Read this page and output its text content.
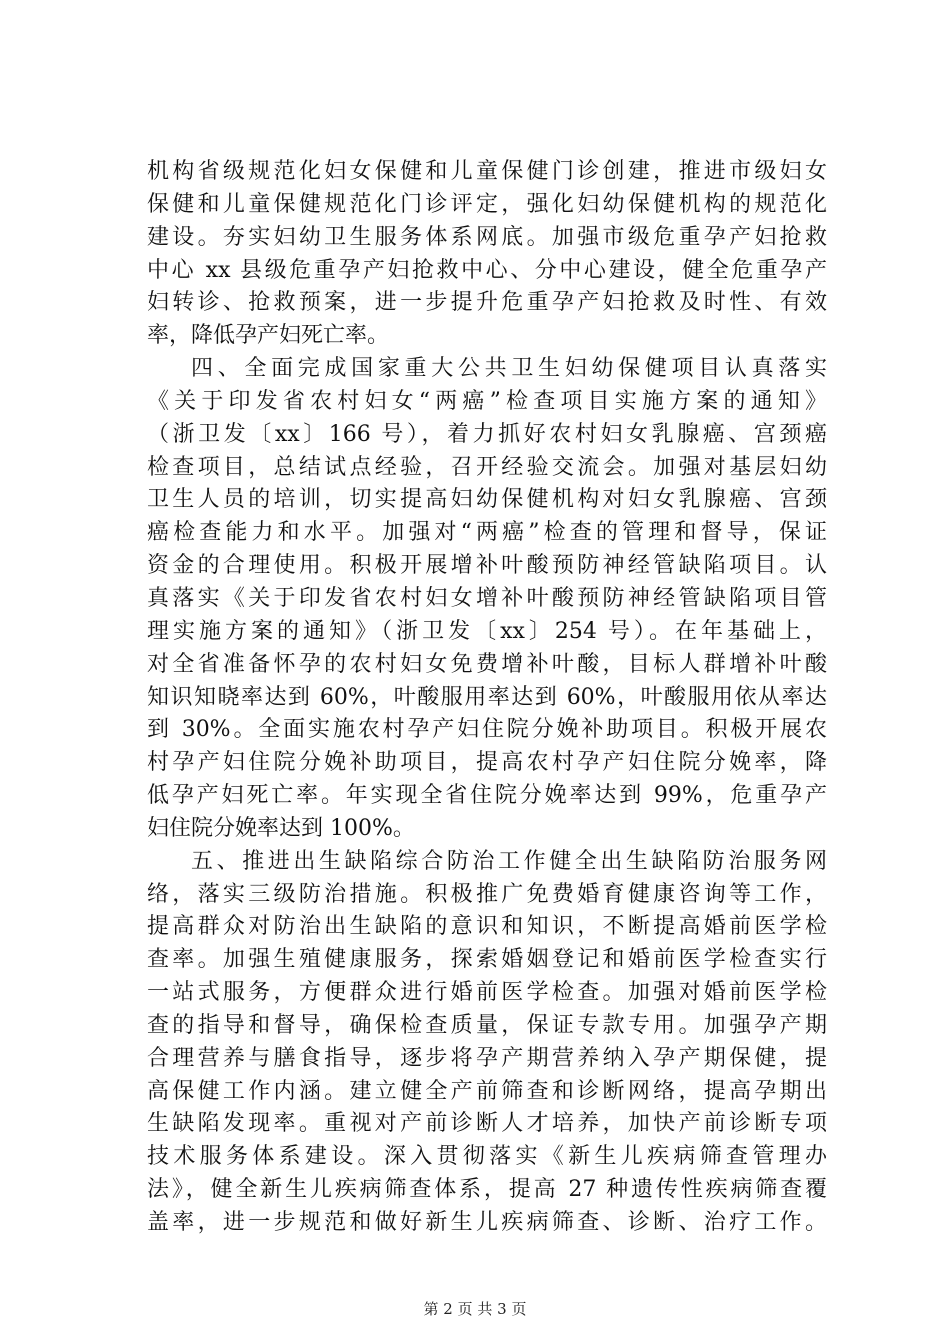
机构省级规范化妇女保健和儿童保健门诊创建，推进市级妇女
保健和儿童保健规范化门诊评定，强化妇幼保健机构的规范化
建设。夯实妇幼卫生服务体系网底。加强市级危重孕产妇抢救
中心 xx 县级危重孕产妇抢救中心、分中心建设，健全危重孕产
妇转诊、抢救预案，进一步提升危重孕产妇抢救及时性、有效
率，降低孕产妇死亡率。
四、全面完成国家重大公共卫生妇幼保健项目认真落实
《关于印发省农村妇女“两癌”检查项目实施方案的通知》
（浙卫发〔xx〕166 号），着力抓好农村妇女乳腺癌、宫颈癌
检查项目，总结试点经验，召开经验交流会。加强对基层妇幼
卫生人员的培训，切实提高妇幼保健机构对妇女乳腺癌、宫颈
癌检查能力和水平。加强对“两癌”检查的管理和督导，保证
资金的合理使用。积极开展增补叶酸预防神经管缺陷项目。认
真落实《关于印发省农村妇女增补叶酸预防神经管缺陷项目管
理实施方案的通知》（浙卫发〔xx〕254 号）。在年基础上，
对全省准备怀孕的农村妇女免费增补叶酸，目标人群增补叶酸
知识知晓率达到 60%，叶酸服用率达到 60%，叶酸服用依从率达
到 30%。全面实施农村孕产妇住院分娩补助项目。积极开展农
村孕产妇住院分娩补助项目，提高农村孕产妇住院分娩率，降
低孕产妇死亡率。年实现全省住院分娩率达到 99%，危重孕产
妇住院分娩率达到 100%。
五、推进出生缺陷综合防治工作健全出生缺陷防治服务网
络，落实三级防治措施。积极推广免费婚育健康咨询等工作，
提高群众对防治出生缺陷的意识和知识，不断提高婚前医学检
查率。加强生殖健康服务，探索婚姻登记和婚前医学检查实行
一站式服务，方便群众进行婚前医学检查。加强对婚前医学检
查的指导和督导，确保检查质量，保证专款专用。加强孕产期
合理营养与膳食指导，逐步将孕产期营养纳入孕产期保健，提
高保健工作内涵。建立健全产前筛查和诊断网络，提高孕期出
生缺陷发现率。重视对产前诊断人才培养，加快产前诊断专项
技术服务体系建设。深入贯彻落实《新生儿疾病筛查管理办
法》，健全新生儿疾病筛查体系，提高 27 种遗传性疾病筛查覆
盖率，进一步规范和做好新生儿疾病筛查、诊断、治疗工作。
第 2 页 共 3 页
